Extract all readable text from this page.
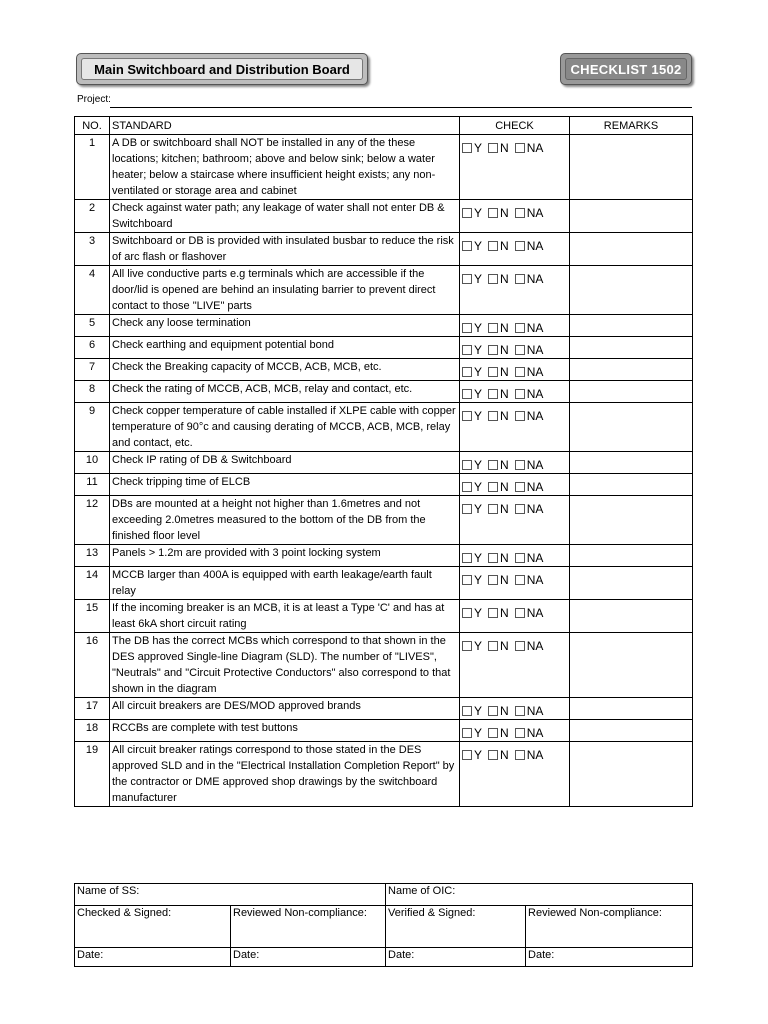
Main Switchboard and Distribution Board	CHECKLIST 1502
Project:
NO.	STANDARD	CHECK	REMARKS
1	A DB or switchboard shall NOT be installed in any of the these locations; kitchen; bathroom; above and below sink; below a water heater; below a staircase where insufficient height exists; any non-ventilated or storage area and cabinet	Y N NA	

2	Check against water path; any leakage of water shall not enter DB & Switchboard	Y N NA	

3	Switchboard or DB is provided with insulated busbar to reduce the risk of arc flash or flashover	Y N NA	

4	All live conductive parts e.g terminals which are accessible if the door/lid is opened are behind an insulating barrier to prevent direct contact to those "LIVE" parts	Y N NA	

5	Check any loose termination	Y N NA	

6	Check earthing and equipment potential bond	Y N NA	

7	Check the Breaking capacity of MCCB, ACB, MCB, etc.	Y N NA	

8	Check the rating of MCCB, ACB, MCB, relay and contact, etc.	Y N NA	

9	Check copper temperature of cable installed if XLPE cable with copper temperature of 90°c and causing derating of MCCB, ACB, MCB, relay and contact, etc.	Y N NA	

10	Check IP rating of DB & Switchboard	Y N NA	

11	Check tripping time of ELCB	Y N NA	

12	DBs are mounted at a height not higher than 1.6metres and not exceeding 2.0metres measured to the bottom of the DB from the finished floor level	Y N NA	

13	Panels > 1.2m are provided with 3 point locking system	Y N NA	

14	MCCB larger than 400A is equipped with earth leakage/earth fault relay	Y N NA	

15	If the incoming breaker is an MCB, it is at least a Type 'C' and has at least 6kA short circuit rating	Y N NA	

16	The DB has the correct MCBs which correspond to that shown in the DES approved Single-line Diagram (SLD). The number of "LIVES", "Neutrals" and "Circuit Protective Conductors" also correspond to that shown in the diagram	Y N NA	

17	All circuit breakers are DES/MOD approved brands	Y N NA	

18	RCCBs are complete with test buttons	Y N NA	

19	All circuit breaker ratings correspond to those stated in the DES approved SLD and in the "Electrical Installation Completion Report" by the contractor or DME approved shop drawings by the switchboard manufacturer	Y N NA	

Name of SS:		Name of OIC:	
Checked & Signed:	Reviewed Non-compliance:	Verified & Signed:	Reviewed Non-compliance:
Date:	Date:	Date:	Date:
